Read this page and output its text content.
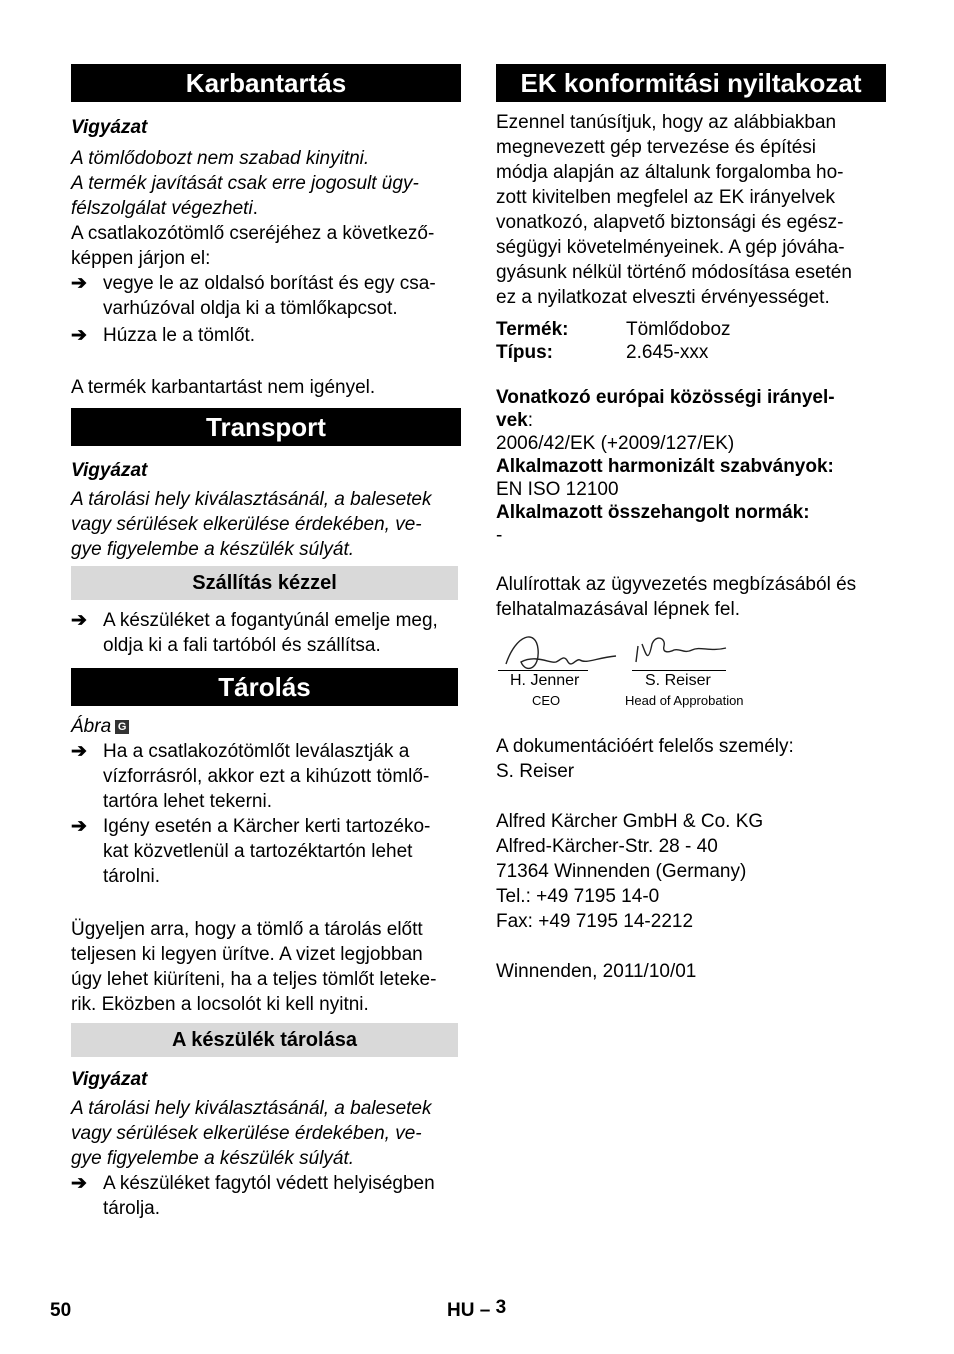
Karbantartás

Vigyázat

A tömlődobozt nem szabad kinyitni.

A termék javítását csak erre jogosult ügy-

félszolgálat végezheti.

A csatlakozótömlő cseréjéhez a következő-

képpen járjon el:

➔ vegye le az oldalsó borítást és egy csa-

varhúzóval oldja ki a tömlőkapcsot.

➔ Húzza le a tömlőt.

A termék karbantartást nem igényel.

Transport

Vigyázat

A tárolási hely kiválasztásánál, a balesetek

vagy sérülések elkerülése érdekében, ve-

gye figyelembe a készülék súlyát.

Szállítás kézzel
➔ A készüléket a fogantyúnál emelje meg,

oldja ki a fali tartóból és szállítsa.

Tárolás

Ábra G

➔ Ha a csatlakozótömlőt leválasztják a

vízforrásról, akkor ezt a kihúzott tömlő-

tartóra lehet tekerni.

➔ Igény esetén a Kärcher kerti tartozéko-

kat közvetlenül a tartozéktartón lehet

tárolni.

Ügyeljen arra, hogy a tömlő a tárolás előtt

teljesen ki legyen ürítve. A vizet legjobban

úgy lehet kiüríteni, ha a teljes tömlőt leteke-

rik. Eközben a locsolót ki kell nyitni.

A készülék tárolása

Vigyázat

A tárolási hely kiválasztásánál, a balesetek

vagy sérülések elkerülése érdekében, ve-

gye figyelembe a készülék súlyát.

➔ A készüléket fagytól védett helyiségben

tárolja.

EK konformitási nyiltakozat

Ezennel tanúsítjuk, hogy az alábbiakban

megnevezett gép tervezése és építési

módja alapján az általunk forgalomba ho-

zott kivitelben megfelel az EK irányelvek

vonatkozó, alapvető biztonsági és egész-

ségügyi követelményeinek. A gép jóváha-

gyásunk nélkül történő módosítása esetén

ez a nyilatkozat elveszti érvényességet.

Termék:	Tömlődoboz
Típus:	2.645-xxx

Vonatkozó európai közösségi irányel-

vek:

2006/42/EK (+2009/127/EK)

Alkalmazott harmonizált szabványok:

EN ISO 12100

Alkalmazott összehangolt normák:

-

Alulírottak az ügyvezetés megbízásából és

felhatalmazásával lépnek fel.

H. Jenner
CEO
S. Reiser
Head of Approbation

A dokumentációért felelős személy:

S. Reiser

Alfred Kärcher GmbH & Co. KG

Alfred-Kärcher-Str. 28 - 40

71364 Winnenden (Germany)

Tel.: +49 7195 14-0

Fax: +49 7195 14-2212

Winnenden, 2011/10/01

50	HU – 3
